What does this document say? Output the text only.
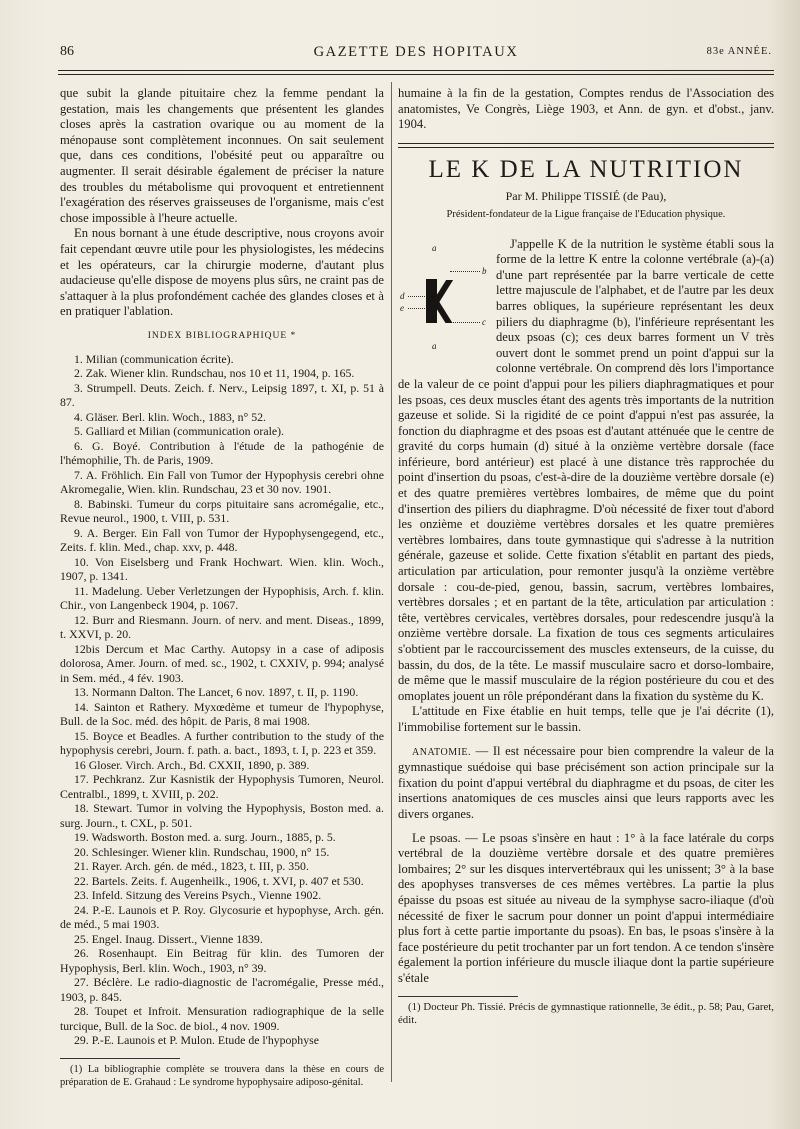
86	GAZETTE DES HOPITAUX	83e ANNÉE.

que subit la glande pituitaire chez la femme pendant la gestation, mais les changements que présentent les glandes closes après la castration ovarique ou au moment de la ménopause sont complètement inconnues. On sait seulement que, dans ces conditions, l'obésité peut ou apparaître ou augmenter. Il serait désirable également de préciser la nature des troubles du métabolisme qui provoquent et entretiennent l'exagération des réserves graisseuses de l'organisme, mais c'est chose impossible à l'heure actuelle.

En nous bornant à une étude descriptive, nous croyons avoir fait cependant œuvre utile pour les physiologistes, les médecins et les opérateurs, car la chirurgie moderne, d'autant plus audacieuse qu'elle dispose de moyens plus sûrs, ne craint pas de s'attaquer à la plus profondément cachée des glandes closes et à en pratiquer l'ablation.

INDEX BIBLIOGRAPHIQUE *

1. Milian (communication écrite).

2. Zak. Wiener klin. Rundschau, nos 10 et 11, 1904, p. 165.

3. Strumpell. Deuts. Zeich. f. Nerv., Leipsig 1897, t. XI, p. 51 à 87.

4. Gläser. Berl. klin. Woch., 1883, n° 52.

5. Galliard et Milian (communication orale).

6. G. Boyé. Contribution à l'étude de la pathogénie de l'hémophilie, Th. de Paris, 1909.

7. A. Fröhlich. Ein Fall von Tumor der Hypophysis cerebri ohne Akromegalie, Wien. klin. Rundschau, 23 et 30 nov. 1901.

8. Babinski. Tumeur du corps pituitaire sans acromégalie, etc., Revue neurol., 1900, t. VIII, p. 531.

9. A. Berger. Ein Fall von Tumor der Hypophysengegend, etc., Zeits. f. klin. Med., chap. xxv, p. 448.

10. Von Eiselsberg und Frank Hochwart. Wien. klin. Woch., 1907, p. 1341.

11. Madelung. Ueber Verletzungen der Hypophisis, Arch. f. klin. Chir., von Langenbeck 1904, p. 1067.

12. Burr and Riesmann. Journ. of nerv. and ment. Diseas., 1899, t. XXVI, p. 20.

12bis Dercum et Mac Carthy. Autopsy in a case of adiposis dolorosa, Amer. Journ. of med. sc., 1902, t. CXXIV, p. 994; analysé in Sem. méd., 4 fév. 1903.

13. Normann Dalton. The Lancet, 6 nov. 1897, t. II, p. 1190.

14. Sainton et Rathery. Myxœdème et tumeur de l'hypophyse, Bull. de la Soc. méd. des hôpit. de Paris, 8 mai 1908.

15. Boyce et Beadles. A further contribution to the study of the hypophysis cerebri, Journ. f. path. a. bact., 1893, t. I, p. 223 et 359.

16 Gloser. Virch. Arch., Bd. CXXII, 1890, p. 389.

17. Pechkranz. Zur Kasnistik der Hypophysis Tumoren, Neurol. Centralbl., 1899, t. XVIII, p. 202.

18. Stewart. Tumor in volving the Hypophysis, Boston med. a. surg. Journ., t. CXL, p. 501.

19. Wadsworth. Boston med. a. surg. Journ., 1885, p. 5.

20. Schlesinger. Wiener klin. Rundschau, 1900, n° 15.

21. Rayer. Arch. gén. de méd., 1823, t. III, p. 350.

22. Bartels. Zeits. f. Augenheilk., 1906, t. XVI, p. 407 et 530.

23. Infeld. Sitzung des Vereins Psych., Vienne 1902.

24. P.-E. Launois et P. Roy. Glycosurie et hypophyse, Arch. gén. de méd., 5 mai 1903.

25. Engel. Inaug. Dissert., Vienne 1839.

26. Rosenhaupt. Ein Beitrag für klin. des Tumoren der Hypophysis, Berl. klin. Woch., 1903, n° 39.

27. Béclère. Le radio-diagnostic de l'acromégalie, Presse méd., 1903, p. 845.

28. Toupet et Infroit. Mensuration radiographique de la selle turcique, Bull. de la Soc. de biol., 4 nov. 1909.

29. P.-E. Launois et P. Mulon. Etude de l'hypophyse

(1) La bibliographie complète se trouvera dans la thèse en cours de préparation de E. Grahaud : Le syndrome hypophysaire adiposo-génital.

humaine à la fin de la gestation, Comptes rendus de l'Association des anatomistes, Ve Congrès, Liège 1903, et Ann. de gyn. et d'obst., janv. 1904.

LE K DE LA NUTRITION
Par M. Philippe TISSIÉ (de Pau),
Président-fondateur de la Ligue française de l'Education physique.
a
b
d
e
c
a

J'appelle K de la nutrition le système établi sous la forme de la lettre K entre la colonne vertébrale (a)-(a) d'une part représentée par la barre verticale de cette lettre majuscule de l'alphabet, et de l'autre par les deux barres obliques, la supérieure représentant les deux piliers du diaphragme (b), l'inférieure représentant les deux psoas (c); ces deux barres forment un V très ouvert dont le sommet prend un point d'appui sur la colonne vertébrale. On comprend dès lors l'importance de la valeur de ce point d'appui pour les piliers diaphragmatiques et pour les psoas, ces deux muscles étant des agents très importants de la nutrition gazeuse et solide. Si la rigidité de ce point d'appui n'est pas assurée, la fonction du diaphragme et des psoas est d'autant atténuée que le centre de gravité du corps humain (d) situé à la onzième vertèbre dorsale (face inférieure, bord antérieur) est placé à une distance très rapprochée du point d'insertion du psoas, c'est-à-dire de la douzième vertèbre dorsale (e) et des quatre premières vertèbres lombaires, de même que du point d'insertion des piliers du diaphragme. D'où nécessité de fixer tout d'abord les onzième et douzième vertèbres dorsales et les quatre premières vertèbres lombaires, dans toute gymnastique qui s'adresse à la nutrition générale, gazeuse et solide. Cette fixation s'établit en partant des pieds, articulation par articulation, pour remonter jusqu'à la onzième vertèbre dorsale : cou-de-pied, genou, bassin, sacrum, vertèbres lombaires, vertèbres dorsales ; et en partant de la tête, articulation par articulation : tête, vertèbres cervicales, vertèbres dorsales, pour redescendre jusqu'à la onzième vertèbre dorsale. La fixation de tous ces segments articulaires s'obtient par le raccourcissement des muscles extenseurs, de la cuisse, du bassin, du dos, de la tête. Le massif musculaire sacro et dorso-lombaire, de même que le massif musculaire de la région postérieure du cou et des omoplates jouent un rôle prépondérant dans la fixation du système du K.

L'attitude en Fixe établie en huit temps, telle que je l'ai décrite (1), l'immobilise fortement sur le bassin.

ANATOMIE. — Il est nécessaire pour bien comprendre la valeur de la gymnastique suédoise qui base précisément son action principale sur la fixation du point d'appui vertébral du diaphragme et du psoas, de citer les insertions anatomiques de ces muscles ainsi que leurs rapports avec les divers organes.

Le psoas. — Le psoas s'insère en haut : 1° à la face latérale du corps vertébral de la douzième vertèbre dorsale et des quatre premières lombaires; 2° sur les disques intervertébraux qui les unissent; 3° à la base des apophyses transverses de ces mêmes vertèbres. La partie la plus épaisse du psoas est située au niveau de la symphyse sacro-iliaque (d'où nécessité de fixer le sacrum pour donner un point d'appui intermédiaire plus fort à cette partie importante du psoas). En bas, le psoas s'insère à la face postérieure du petit trochanter par un fort tendon. A ce tendon s'insère également la portion inférieure du muscle iliaque dont la partie supérieure s'étale

(1) Docteur Ph. Tissié. Précis de gymnastique rationnelle, 3e édit., p. 58; Pau, Garet, édit.
